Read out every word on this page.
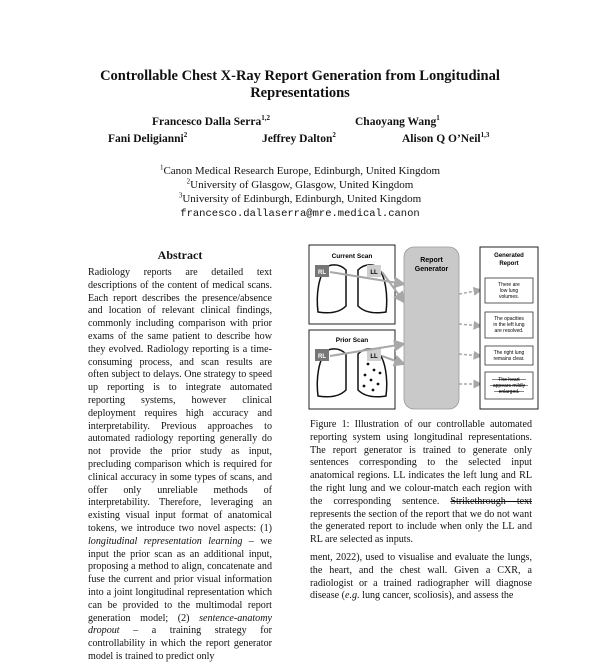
Controllable Chest X-Ray Report Generation from Longitudinal
Representations
Francesco Dalla Serra$^{1,2}$	Chaoyang Wang$^1$
Fani Deligianni$^2$	Jeffrey Dalton$^2$	Alison Q O’Neil$^{1,3}$
$^1$Canon Medical Research Europe, Edinburgh, United Kingdom
$^2$University of Glasgow, Glasgow, United Kingdom
$^3$University of Edinburgh, Edinburgh, United Kingdom
francesco.dallaserra@mre.medical.canon
Abstract

Radiology reports are detailed text descriptions of the content of medical scans. Each report describes the presence/absence and location of relevant clinical findings, commonly including comparison with prior exams of the same patient to describe how they evolved. Radiology reporting is a time-consuming process, and scan results are often subject to delays. One strategy to speed up reporting is to integrate automated reporting systems, however clinical deployment requires high accuracy and interpretability. Previous approaches to automated radiology reporting generally do not provide the prior study as input, precluding comparison which is required for clinical accuracy in some types of scans, and offer only unreliable methods of interpretability. Therefore, leveraging an existing visual input format of anatomical tokens, we introduce two novel aspects: (1) longitudinal representation learning – we input the prior scan as an additional input, proposing a method to align, concatenate and fuse the current and prior visual information into a joint longitudinal representation which can be provided to the multimodal report generation model; (2) sentence-anatomy dropout – a training strategy for controllability in which the report generator model is trained to predict only

Current Scan
RL	LL
Prior Scan
RL	LL
Report
Generator
Generated
Report
There are
low lung
volumes.
The opacities
in the left lung
are resolved.
The right lung
remains clear.
The heart
appears mildly
enlarged.

Figure 1: Illustration of our controllable automated reporting system using longitudinal representations. The report generator is trained to generate only sentences corresponding to the selected input anatomical regions. LL indicates the left lung and RL the right lung and we colour-match each region with the corresponding sentence. Strikethrough text represents the section of the report that we do not want the generated report to include when only the LL and RL are selected as inputs.

ment, 2022), used to visualise and evaluate the lungs, the heart, and the chest wall. Given a CXR, a radiologist or a trained radiographer will diagnose disease (e.g. lung cancer, scoliosis), and assess the
